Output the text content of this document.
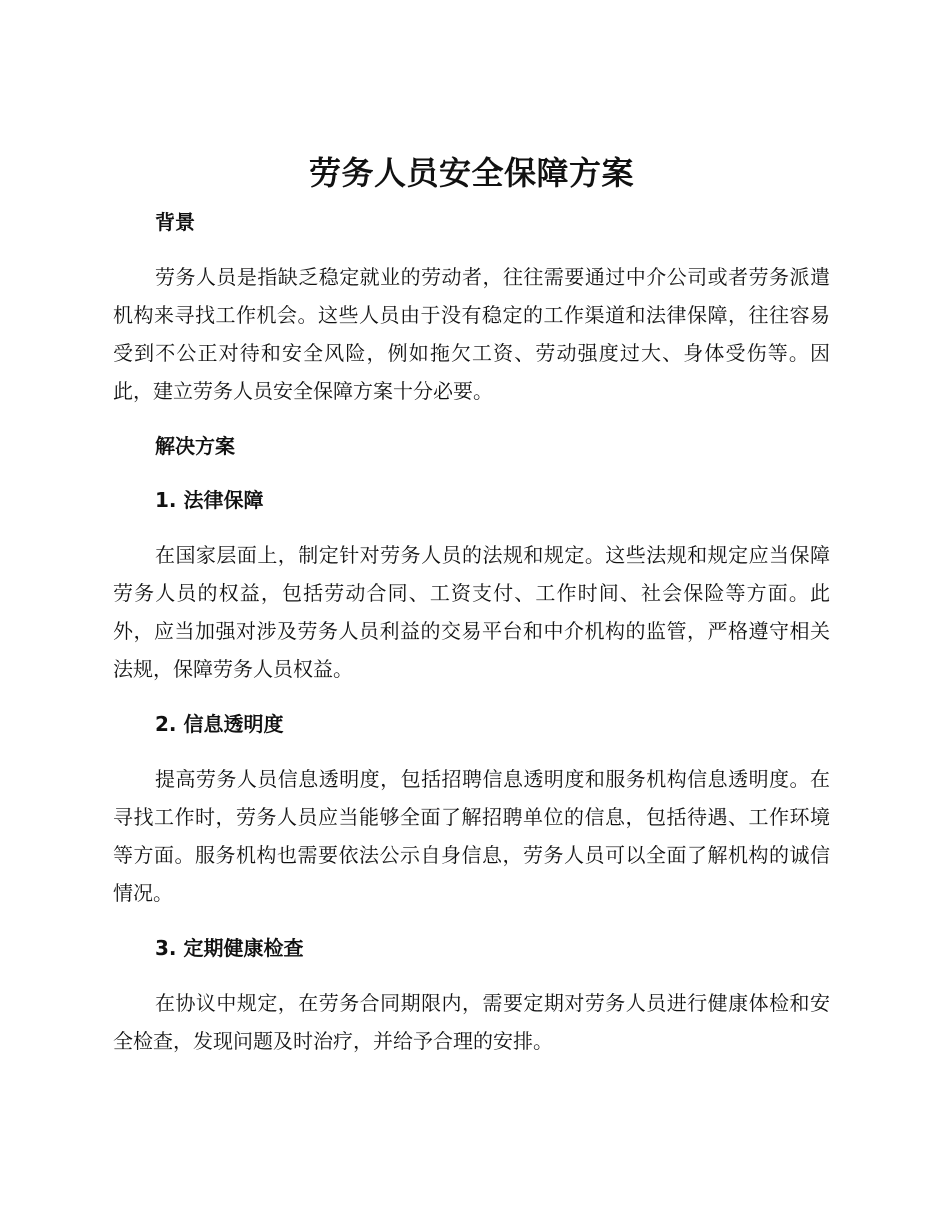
劳务人员安全保障方案
背景

劳务人员是指缺乏稳定就业的劳动者，往往需要通过中介公司或者劳务派遣机构来寻找工作机会。这些人员由于没有稳定的工作渠道和法律保障，往往容易受到不公正对待和安全风险，例如拖欠工资、劳动强度过大、身体受伤等。因此，建立劳务人员安全保障方案十分必要。

解决方案
1. 法律保障

在国家层面上，制定针对劳务人员的法规和规定。这些法规和规定应当保障劳务人员的权益，包括劳动合同、工资支付、工作时间、社会保险等方面。此外，应当加强对涉及劳务人员利益的交易平台和中介机构的监管，严格遵守相关法规，保障劳务人员权益。

2. 信息透明度

提高劳务人员信息透明度，包括招聘信息透明度和服务机构信息透明度。在寻找工作时，劳务人员应当能够全面了解招聘单位的信息，包括待遇、工作环境等方面。服务机构也需要依法公示自身信息，劳务人员可以全面了解机构的诚信情况。

3. 定期健康检查

在协议中规定，在劳务合同期限内，需要定期对劳务人员进行健康体检和安全检查，发现问题及时治疗，并给予合理的安排。
